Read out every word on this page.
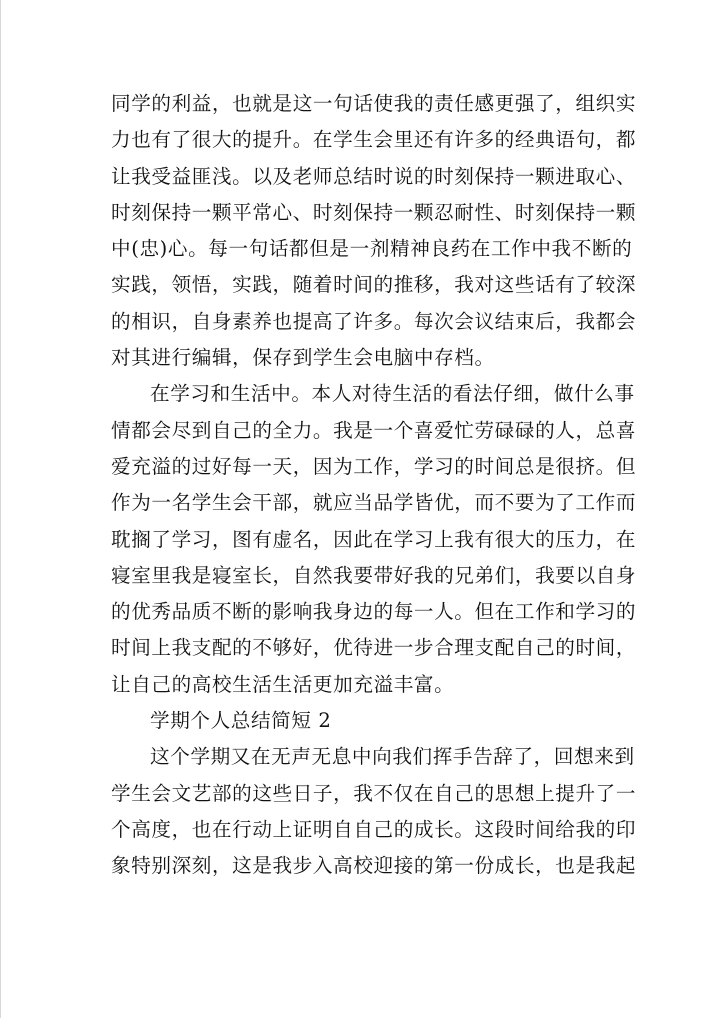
同学的利益，也就是这一句话使我的责任感更强了，组织实
力也有了很大的提升。在学生会里还有许多的经典语句，都
让我受益匪浅。以及老师总结时说的时刻保持一颗进取心、
时刻保持一颗平常心、时刻保持一颗忍耐性、时刻保持一颗
中(忠)心。每一句话都但是一剂精神良药在工作中我不断的
实践，领悟，实践，随着时间的推移，我对这些话有了较深
的相识，自身素养也提高了许多。每次会议结束后，我都会
对其进行编辑，保存到学生会电脑中存档。
在学习和生活中。本人对待生活的看法仔细，做什么事
情都会尽到自己的全力。我是一个喜爱忙劳碌碌的人，总喜
爱充溢的过好每一天，因为工作，学习的时间总是很挤。但
作为一名学生会干部，就应当品学皆优，而不要为了工作而
耽搁了学习，图有虚名，因此在学习上我有很大的压力，在
寝室里我是寝室长，自然我要带好我的兄弟们，我要以自身
的优秀品质不断的影响我身边的每一人。但在工作和学习的
时间上我支配的不够好，优待进一步合理支配自己的时间，
让自己的高校生活生活更加充溢丰富。
学期个人总结简短 2
这个学期又在无声无息中向我们挥手告辞了，回想来到
学生会文艺部的这些日子，我不仅在自己的思想上提升了一
个高度，也在行动上证明自自己的成长。这段时间给我的印
象特别深刻，这是我步入高校迎接的第一份成长，也是我起
